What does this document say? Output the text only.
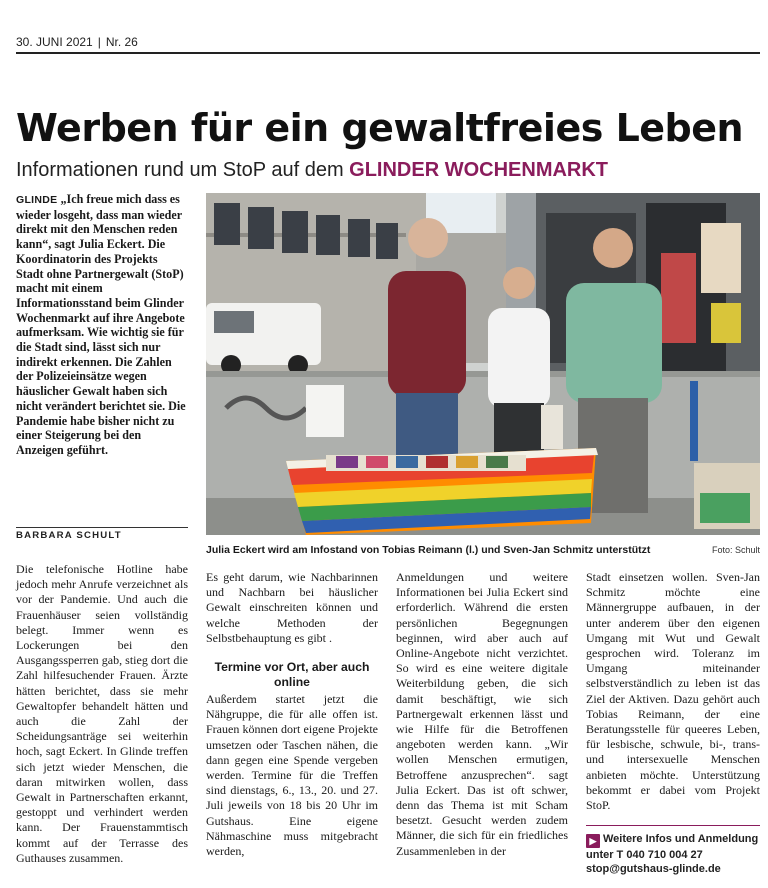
30. JUNI 2021 | Nr. 26
Werben für ein gewaltfreies Leben
Informationen rund um StoP auf dem GLINDER WOCHENMARKT

GLINDE „Ich freue mich dass es wieder losgeht, dass man wieder direkt mit den Menschen reden kann“, sagt Julia Eckert. Die Koordinatorin des Projekts Stadt ohne Partnergewalt (StoP) macht mit einem Informationsstand beim Glinder Wochenmarkt auf ihre Angebote aufmerksam. Wie wichtig sie für die Stadt sind, lässt sich nur indirekt erkennen. Die Zahlen der Polizeieinsätze wegen häuslicher Gewalt haben sich nicht verändert berichtet sie. Die Pandemie habe bisher nicht zu einer Steigerung bei den Anzeigen geführt.

BARBARA SCHULT
Julia Eckert wird am Infostand von Tobias Reimann (l.) und Sven-Jan Schmitz unterstützt	Foto: Schult

Die telefonische Hotline habe jedoch mehr Anrufe verzeichnet als vor der Pandemie. Und auch die Frauenhäuser seien vollständig belegt. Immer wenn es Lockerungen bei den Ausgangssperren gab, stieg dort die Zahl hilfesuchender Frauen. Ärzte hätten berichtet, dass sie mehr Gewaltopfer behandelt hätten und auch die Zahl der Scheidungsanträge sei weiterhin hoch, sagt Eckert. In Glinde treffen sich jetzt wieder Menschen, die daran mitwirken wollen, dass Gewalt in Partnerschaften erkannt, gestoppt und verhindert werden kann. Der Frauenstammtisch kommt auf der Terrasse des Guthauses zusammen.

Es geht darum, wie Nachbarinnen und Nachbarn bei häuslicher Gewalt einschreiten können und welche Methoden der Selbstbehauptung es gibt .

Termine vor Ort, aber auch online

Außerdem startet jetzt die Nähgruppe, die für alle offen ist. Frauen können dort eigene Projekte umsetzen oder Taschen nähen, die dann gegen eine Spende vergeben werden. Termine für die Treffen sind dienstags, 6., 13., 20. und 27. Juli jeweils von 18 bis 20 Uhr im Gutshaus. Eine eigene Nähmaschine muss mitgebracht werden,

Anmeldungen und weitere Informationen bei Julia Eckert sind erforderlich. Während die ersten persönlichen Begegnungen beginnen, wird aber auch auf Online-Angebote nicht verzichtet. So wird es eine weitere digitale Weiterbildung geben, die sich damit beschäftigt, wie sich Partnergewalt erkennen lässt und wie Hilfe für die Betroffenen angeboten werden kann. „Wir wollen Menschen ermutigen, Betroffene anzusprechen“. sagt Julia Eckert. Das ist oft schwer, denn das Thema ist mit Scham besetzt. Gesucht werden zudem Männer, die sich für ein friedliches Zusammenleben in der

Stadt einsetzen wollen. Sven-Jan Schmitz möchte eine Männergruppe aufbauen, in der unter anderem über den eigenen Umgang mit Wut und Gewalt gesprochen wird. Toleranz im Umgang miteinander selbstverständlich zu leben ist das Ziel der Aktiven. Dazu gehört auch Tobias Reimann, der eine Beratungsstelle für queeres Leben, für lesbische, schwule, bi-, trans- und intersexuelle Menschen anbieten möchte. Unterstützung bekommt er dabei vom Projekt StoP.

▶ Weitere Infos und Anmeldung unter T 040 710 004 27
stop@gutshaus-glinde.de
